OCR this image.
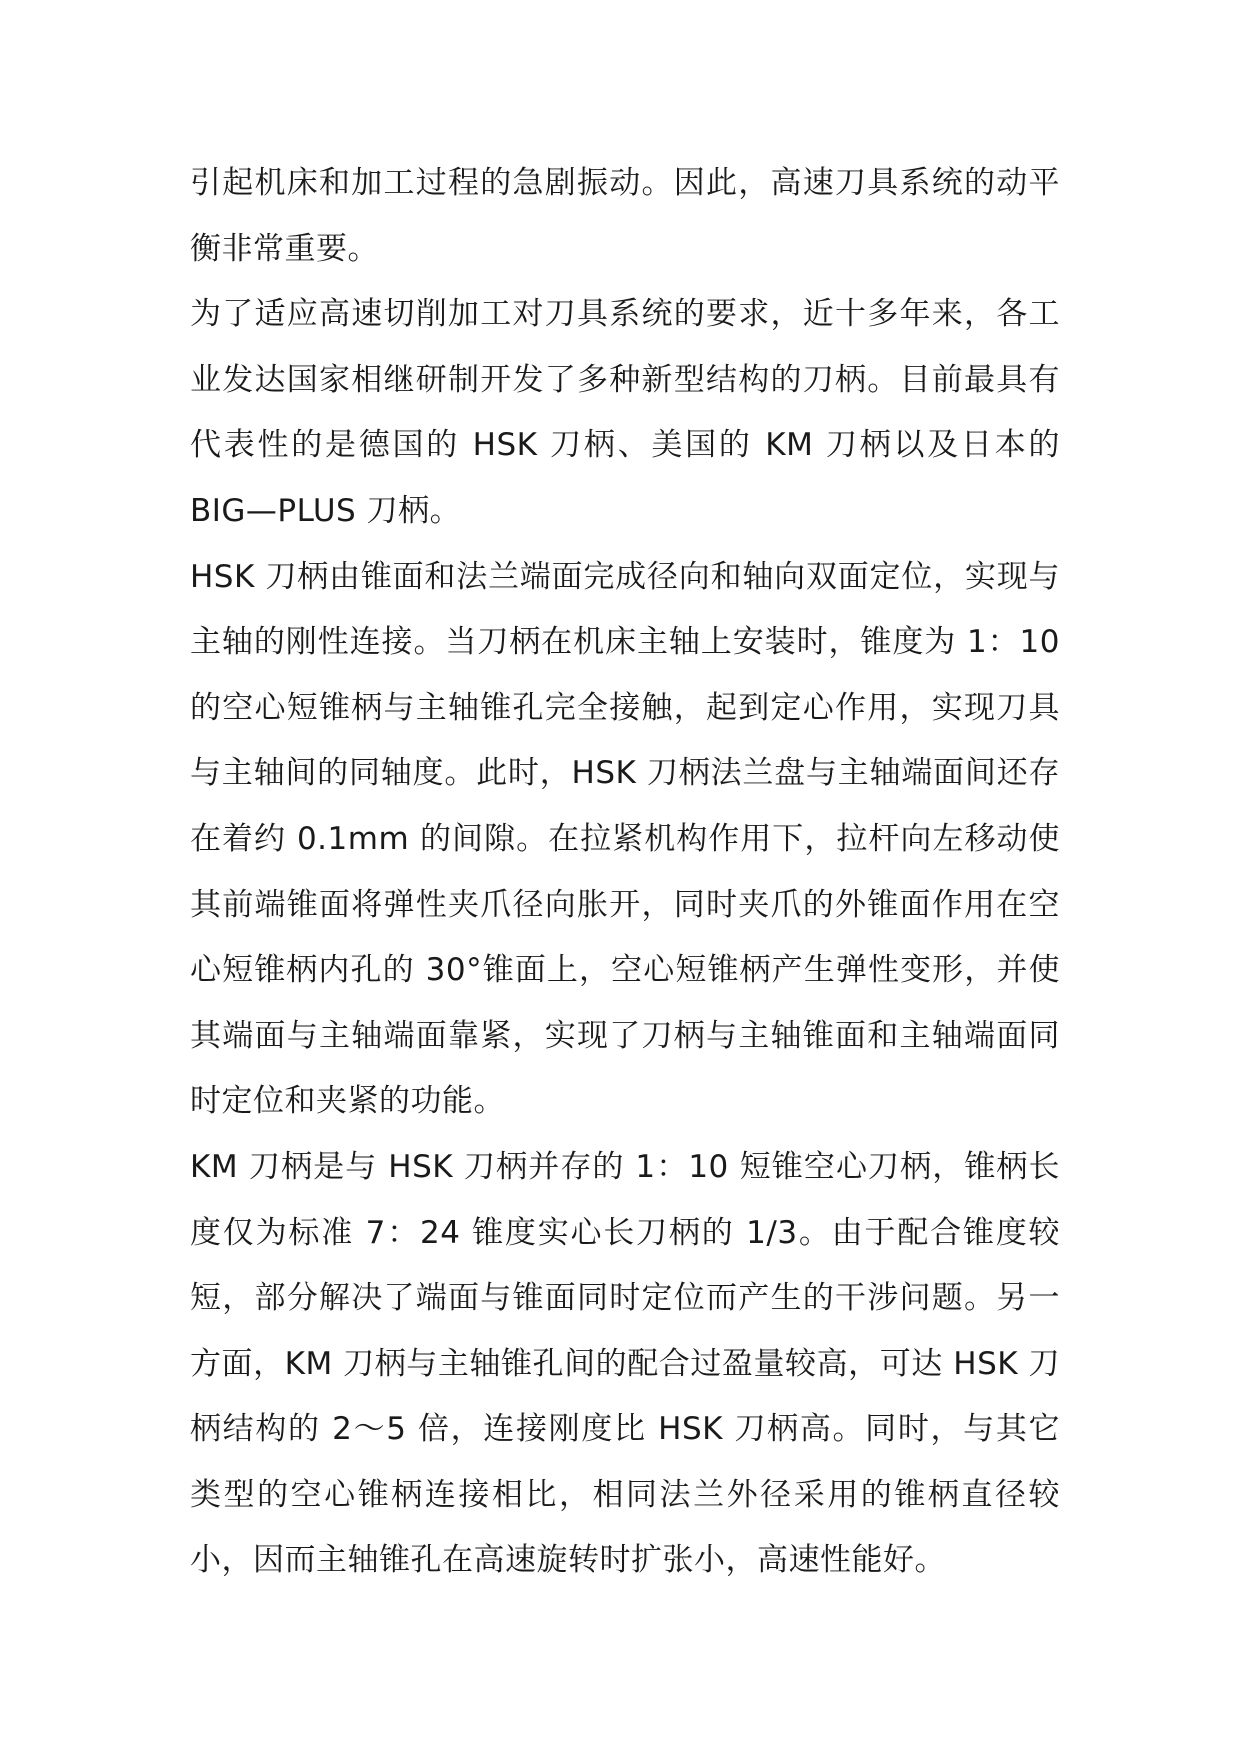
引起机床和加工过程的急剧振动。因此，高速刀具系统的动平衡非常重要。

为了适应高速切削加工对刀具系统的要求，近十多年来，各工业发达国家相继研制开发了多种新型结构的刀柄。目前最具有代表性的是德国的 HSK 刀柄、美国的 KM 刀柄以及日本的 BIG—PLUS 刀柄。

HSK 刀柄由锥面和法兰端面完成径向和轴向双面定位，实现与主轴的刚性连接。当刀柄在机床主轴上安装时，锥度为 1：10 的空心短锥柄与主轴锥孔完全接触，起到定心作用，实现刀具与主轴间的同轴度。此时，HSK 刀柄法兰盘与主轴端面间还存在着约 0.1mm 的间隙。在拉紧机构作用下，拉杆向左移动使其前端锥面将弹性夹爪径向胀开，同时夹爪的外锥面作用在空心短锥柄内孔的 30°锥面上，空心短锥柄产生弹性变形，并使其端面与主轴端面靠紧，实现了刀柄与主轴锥面和主轴端面同时定位和夹紧的功能。

KM 刀柄是与 HSK 刀柄并存的 1：10 短锥空心刀柄，锥柄长度仅为标准 7：24 锥度实心长刀柄的 1/3。由于配合锥度较短，部分解决了端面与锥面同时定位而产生的干涉问题。另一方面，KM 刀柄与主轴锥孔间的配合过盈量较高，可达 HSK 刀柄结构的 2～5 倍，连接刚度比 HSK 刀柄高。同时，与其它类型的空心锥柄连接相比，相同法兰外径采用的锥柄直径较小，因而主轴锥孔在高速旋转时扩张小，高速性能好。
